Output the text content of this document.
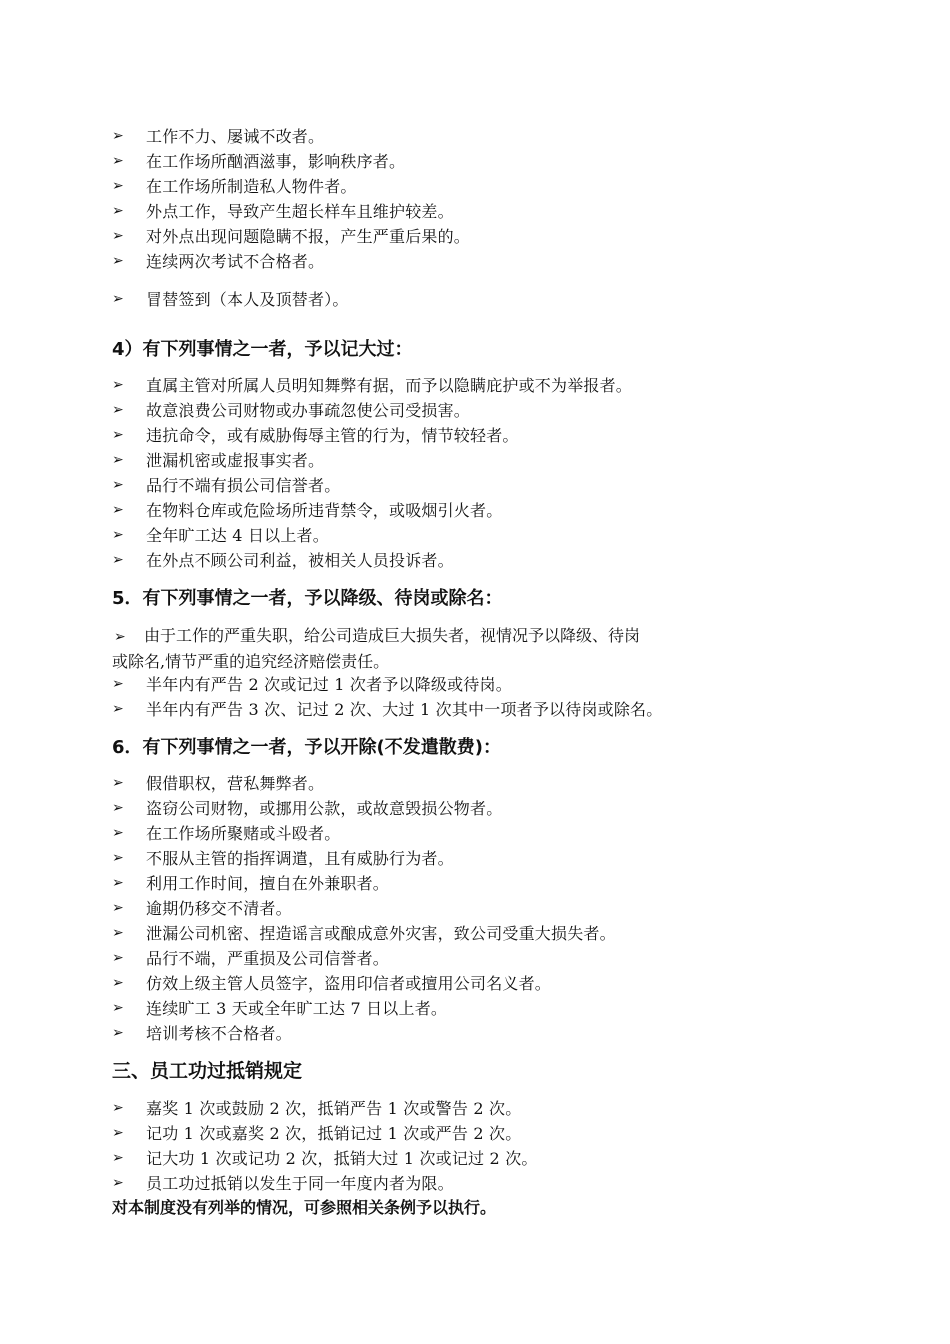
➢	工作不力、屡诫不改者。
➢	在工作场所酗酒滋事，影响秩序者。
➢	在工作场所制造私人物件者。
➢	外点工作，导致产生超长样车且维护较差。
➢	对外点出现问题隐瞒不报，产生严重后果的。
➢	连续两次考试不合格者。
➢	冒替签到（本人及顶替者）。
4）有下列事情之一者，予以记大过：
➢	直属主管对所属人员明知舞弊有据，而予以隐瞒庇护或不为举报者。
➢	故意浪费公司财物或办事疏忽使公司受损害。
➢	违抗命令，或有威胁侮辱主管的行为，情节较轻者。
➢	泄漏机密或虚报事实者。
➢	品行不端有损公司信誉者。
➢	在物料仓库或危险场所违背禁令，或吸烟引火者。
➢	全年旷工达 4 日以上者。
➢	在外点不顾公司利益，被相关人员投诉者。
5．有下列事情之一者，予以降级、待岗或除名：
➢ 由于工作的严重失职，给公司造成巨大损失者，视情况予以降级、待岗
或除名,情节严重的追究经济赔偿责任。
➢	半年内有严告 2 次或记过 1 次者予以降级或待岗。
➢	半年内有严告 3 次、记过 2 次、大过 1 次其中一项者予以待岗或除名。
6．有下列事情之一者，予以开除(不发遣散费)：
➢	假借职权，营私舞弊者。
➢	盗窃公司财物，或挪用公款，或故意毁损公物者。
➢	在工作场所聚赌或斗殴者。
➢	不服从主管的指挥调遣，且有威胁行为者。
➢	利用工作时间，擅自在外兼职者。
➢	逾期仍移交不清者。
➢	泄漏公司机密、捏造谣言或酿成意外灾害，致公司受重大损失者。
➢	品行不端，严重损及公司信誉者。
➢	仿效上级主管人员签字，盗用印信者或擅用公司名义者。
➢	连续旷工 3 天或全年旷工达 7 日以上者。
➢	培训考核不合格者。
三、员工功过抵销规定
➢	嘉奖 1 次或鼓励 2 次，抵销严告 1 次或警告 2 次。
➢	记功 1 次或嘉奖 2 次，抵销记过 1 次或严告 2 次。
➢	记大功 1 次或记功 2 次，抵销大过 1 次或记过 2 次。
➢	员工功过抵销以发生于同一年度内者为限。
对本制度没有列举的情况，可参照相关条例予以执行。
